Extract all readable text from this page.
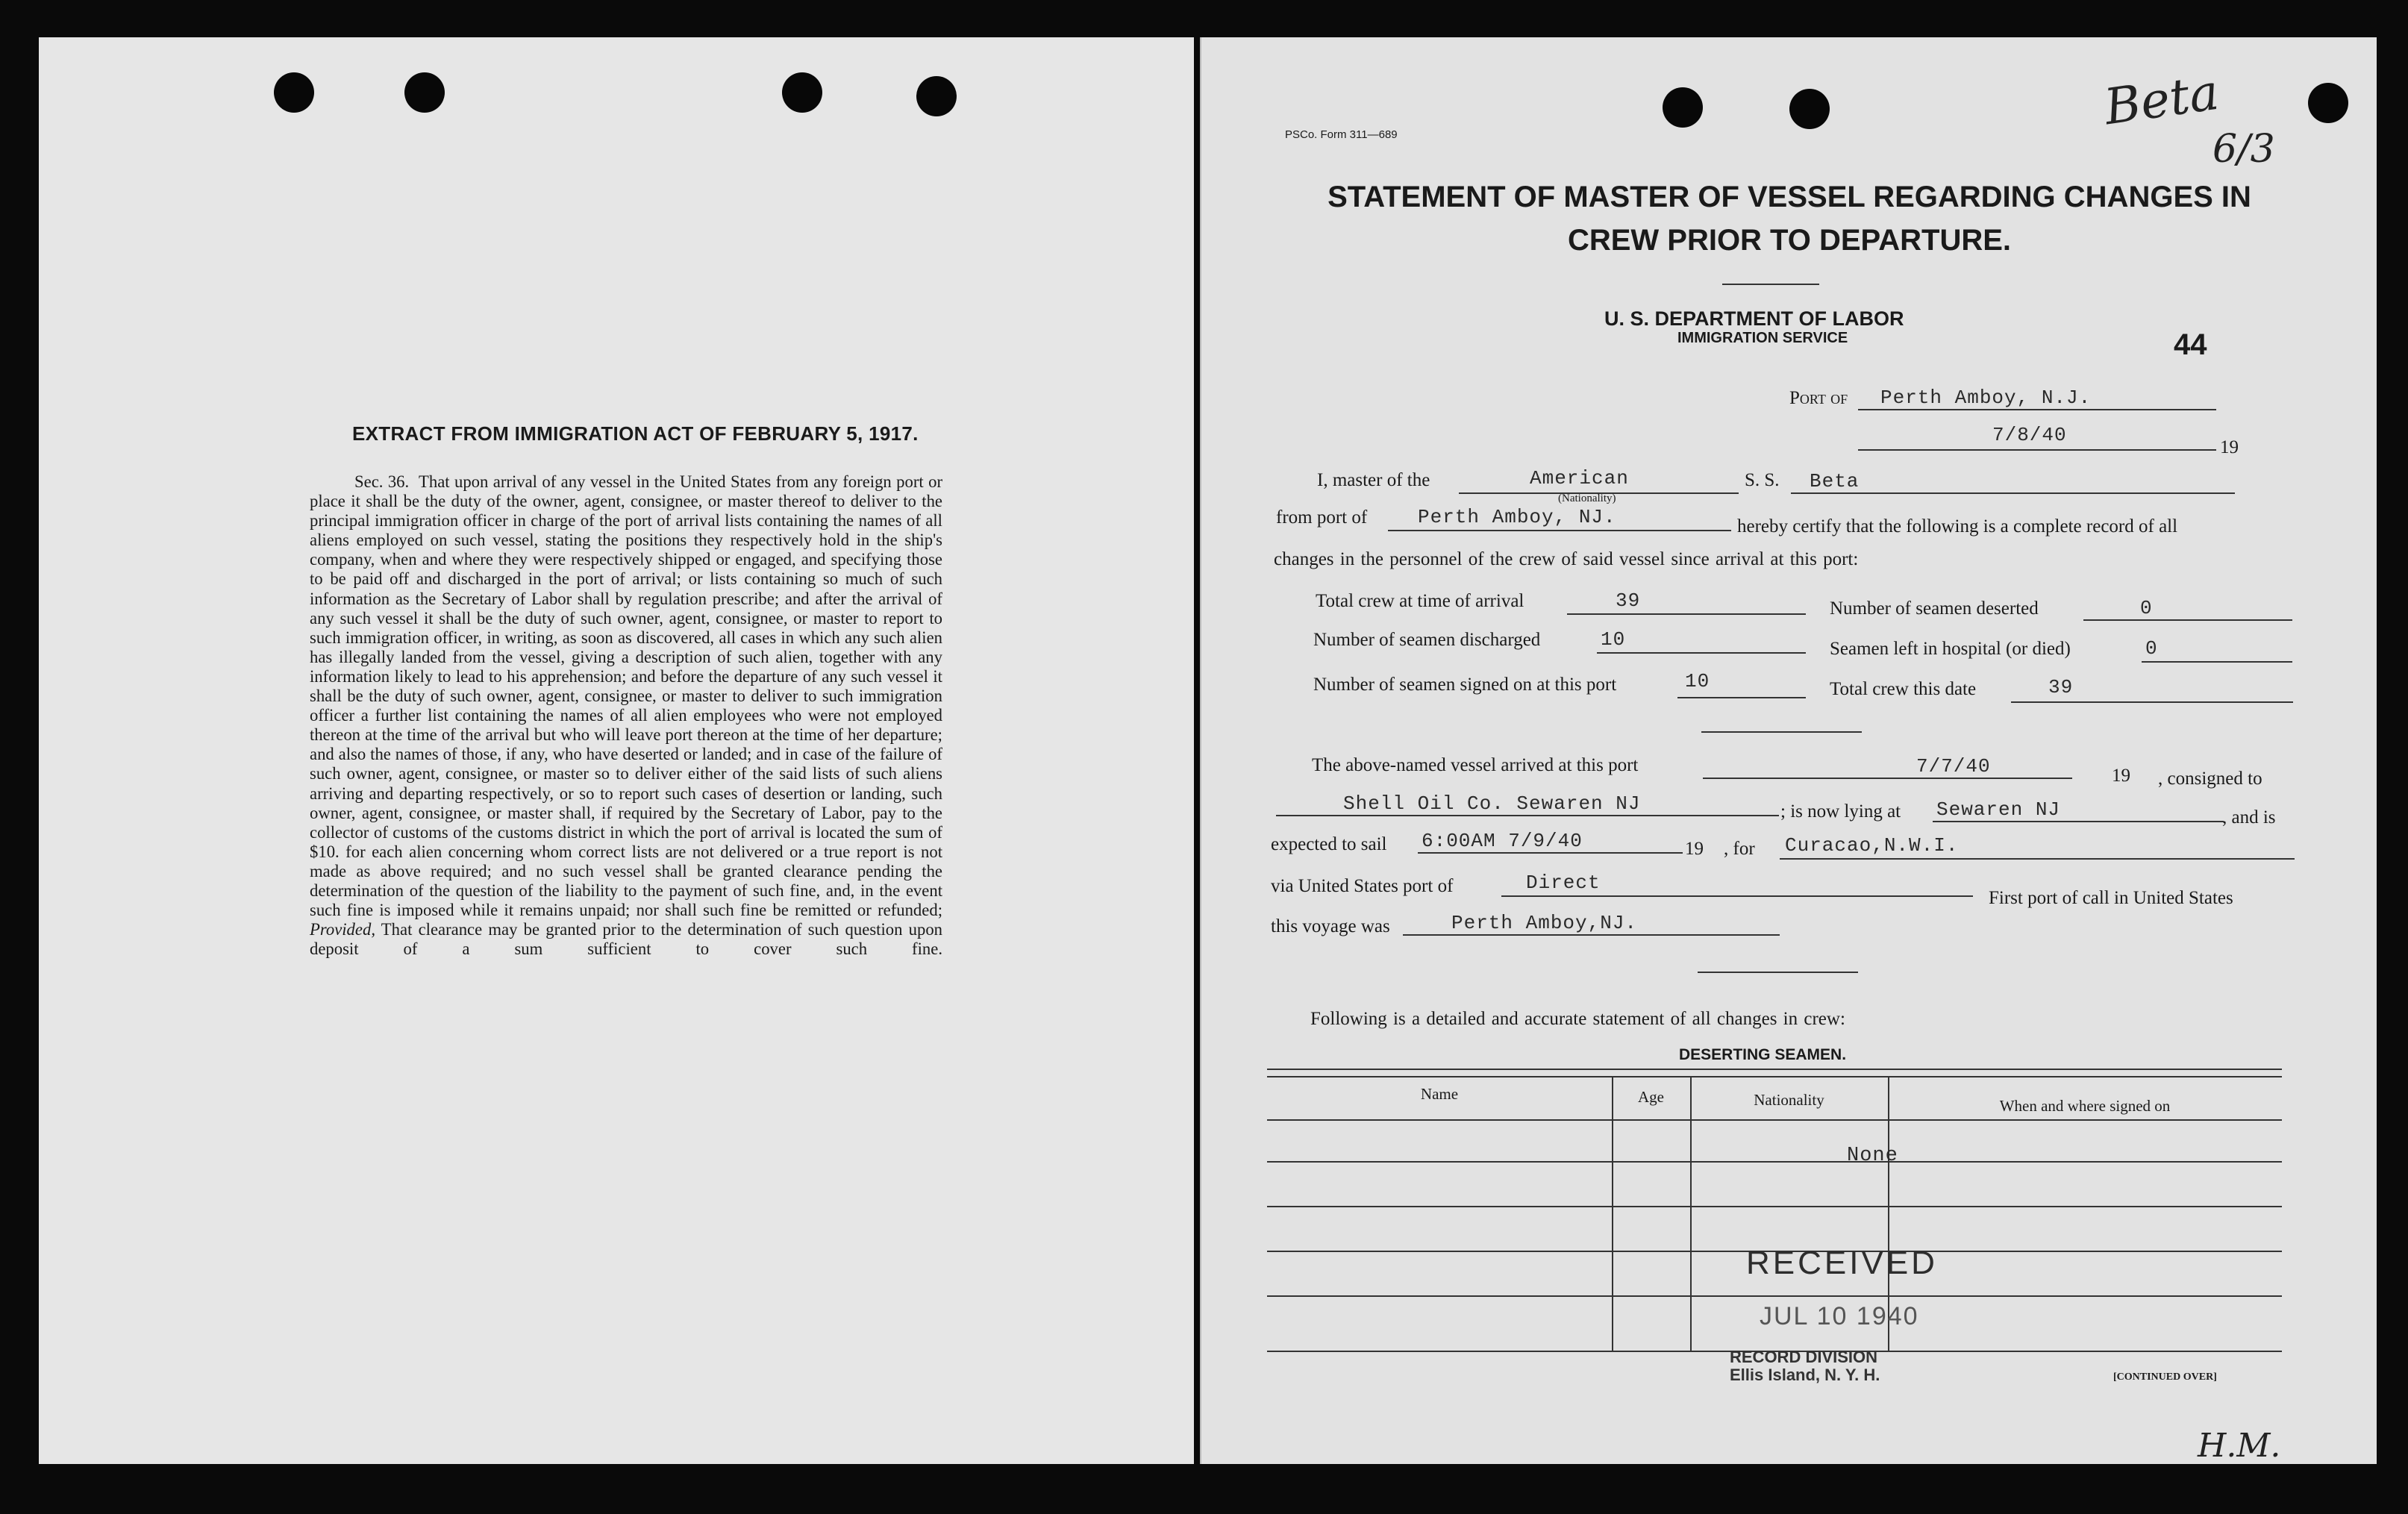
EXTRACT FROM IMMIGRATION ACT OF FEBRUARY 5, 1917.

Sec. 36. That upon arrival of any vessel in the United States from any foreign port or place it shall be the duty of the owner, agent, consignee, or master thereof to deliver to the principal immigration officer in charge of the port of arrival lists containing the names of all aliens employed on such vessel, stating the positions they respectively hold in the ship's company, when and where they were respectively shipped or engaged, and specifying those to be paid off and discharged in the port of arrival; or lists containing so much of such information as the Secretary of Labor shall by regulation prescribe; and after the arrival of any such vessel it shall be the duty of such owner, agent, consignee, or master to report to such immigration officer, in writing, as soon as discovered, all cases in which any such alien has illegally landed from the vessel, giving a description of such alien, together with any information likely to lead to his apprehension; and before the departure of any such vessel it shall be the duty of such owner, agent, consignee, or master to deliver to such immigration officer a further list containing the names of all alien employees who were not employed thereon at the time of the arrival but who will leave port thereon at the time of her departure; and also the names of those, if any, who have deserted or landed; and in case of the failure of such owner, agent, consignee, or master so to deliver either of the said lists of such aliens arriving and departing respectively, or so to report such cases of desertion or landing, such owner, agent, consignee, or master shall, if required by the Secretary of Labor, pay to the collector of customs of the customs district in which the port of arrival is located the sum of $10. for each alien concerning whom correct lists are not delivered or a true report is not made as above required; and no such vessel shall be granted clearance pending the determination of the question of the liability to the payment of such fine, and, in the event such fine is imposed while it remains unpaid; nor shall such fine be remitted or refunded; Provided, That clearance may be granted prior to the determination of such question upon deposit of a sum sufficient to cover such fine.

PSCo. Form 311—689	Beta
6/3
STATEMENT OF MASTER OF VESSEL REGARDING CHANGES IN
CREW PRIOR TO DEPARTURE.
U. S. DEPARTMENT OF LABOR
IMMIGRATION SERVICE	44
Port of Perth Amboy, N.J.
7/8/40
19
I, master of the	American
(Nationality)
S. S. Beta
from port of	Perth Amboy, NJ.	hereby certify that the following is a complete record of all
changes in the personnel of the crew of said vessel since arrival at this port:
Total crew at time of arrival	39	Number of seamen deserted	0
Number of seamen discharged	10	Seamen left in hospital (or died)	0
Number of seamen signed on at this port	10	Total crew this date	39
The above-named vessel arrived at this port	7/7/40	19 , consigned to
Shell Oil Co. Sewaren NJ	; is now lying at Sewaren NJ	, and is
expected to sail 6:00AM 7/9/40	19 , for Curacao,N.W.I.
via United States port of	Direct
First port of call in United States
this voyage was	Perth Amboy,NJ.
Following is a detailed and accurate statement of all changes in crew:
DESERTING SEAMEN.
Name	Age	Nationality	When and where signed on
None
RECEIVED
JUL 10 1940
RECORD DIVISION
Ellis Island, N. Y. H.	[CONTINUED OVER]
H.M.
